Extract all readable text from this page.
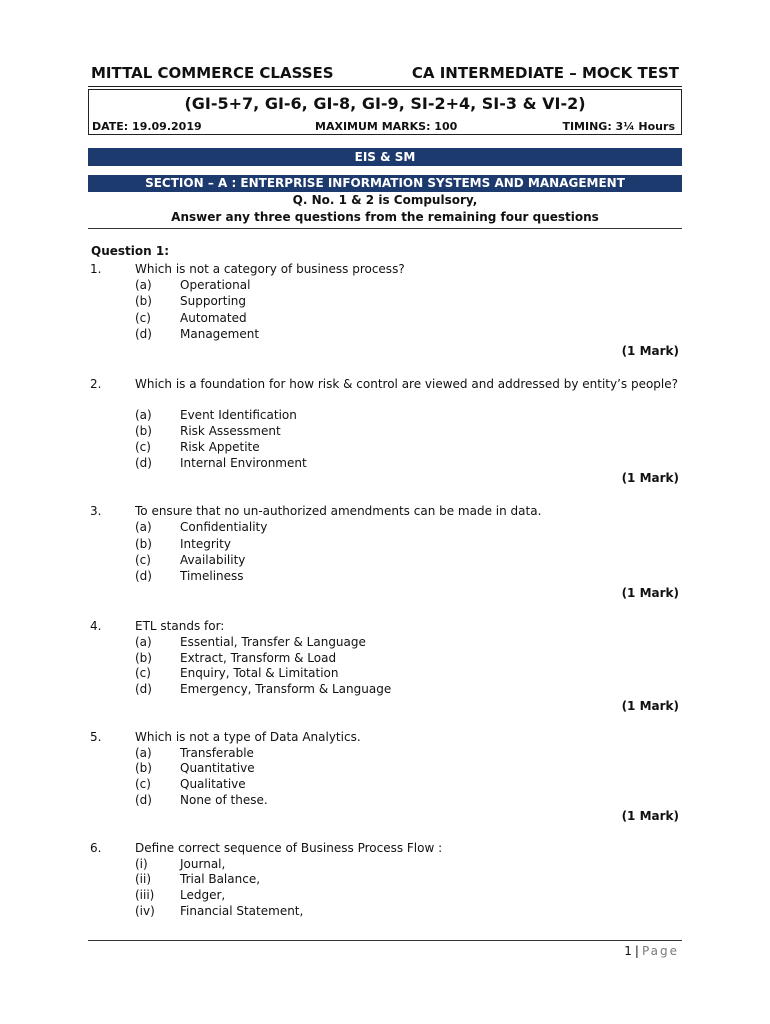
MITTAL COMMERCE CLASSES	CA INTERMEDIATE – MOCK TEST
(GI-5+7, GI-6, GI-8, GI-9, SI-2+4, SI-3 & VI-2)
DATE: 19.09.2019	MAXIMUM MARKS: 100	TIMING: 3¼ Hours
EIS & SM
SECTION – A : ENTERPRISE INFORMATION SYSTEMS AND MANAGEMENT
Q. No. 1 & 2 is Compulsory,
Answer any three questions from the remaining four questions
Question 1:
1.	Which is not a category of business process?
(a) Operational
(b) Supporting
(c) Automated
(d) Management
(1 Mark)
2.	Which is a foundation for how risk & control are viewed and addressed by entity’s people?
(a) Event Identification
(b) Risk Assessment
(c) Risk Appetite
(d) Internal Environment
(1 Mark)
3.	To ensure that no un-authorized amendments can be made in data.
(a) Confidentiality
(b) Integrity
(c) Availability
(d) Timeliness
(1 Mark)
4.	ETL stands for:
(a) Essential, Transfer & Language
(b) Extract, Transform & Load
(c) Enquiry, Total & Limitation
(d) Emergency, Transform & Language
(1 Mark)
5.	Which is not a type of Data Analytics.
(a) Transferable
(b) Quantitative
(c) Qualitative
(d) None of these.
(1 Mark)
6.	Define correct sequence of Business Process Flow :
(i)	Journal,
(ii) Trial Balance,
(iii) Ledger,
(iv) Financial Statement,
1 | Page
